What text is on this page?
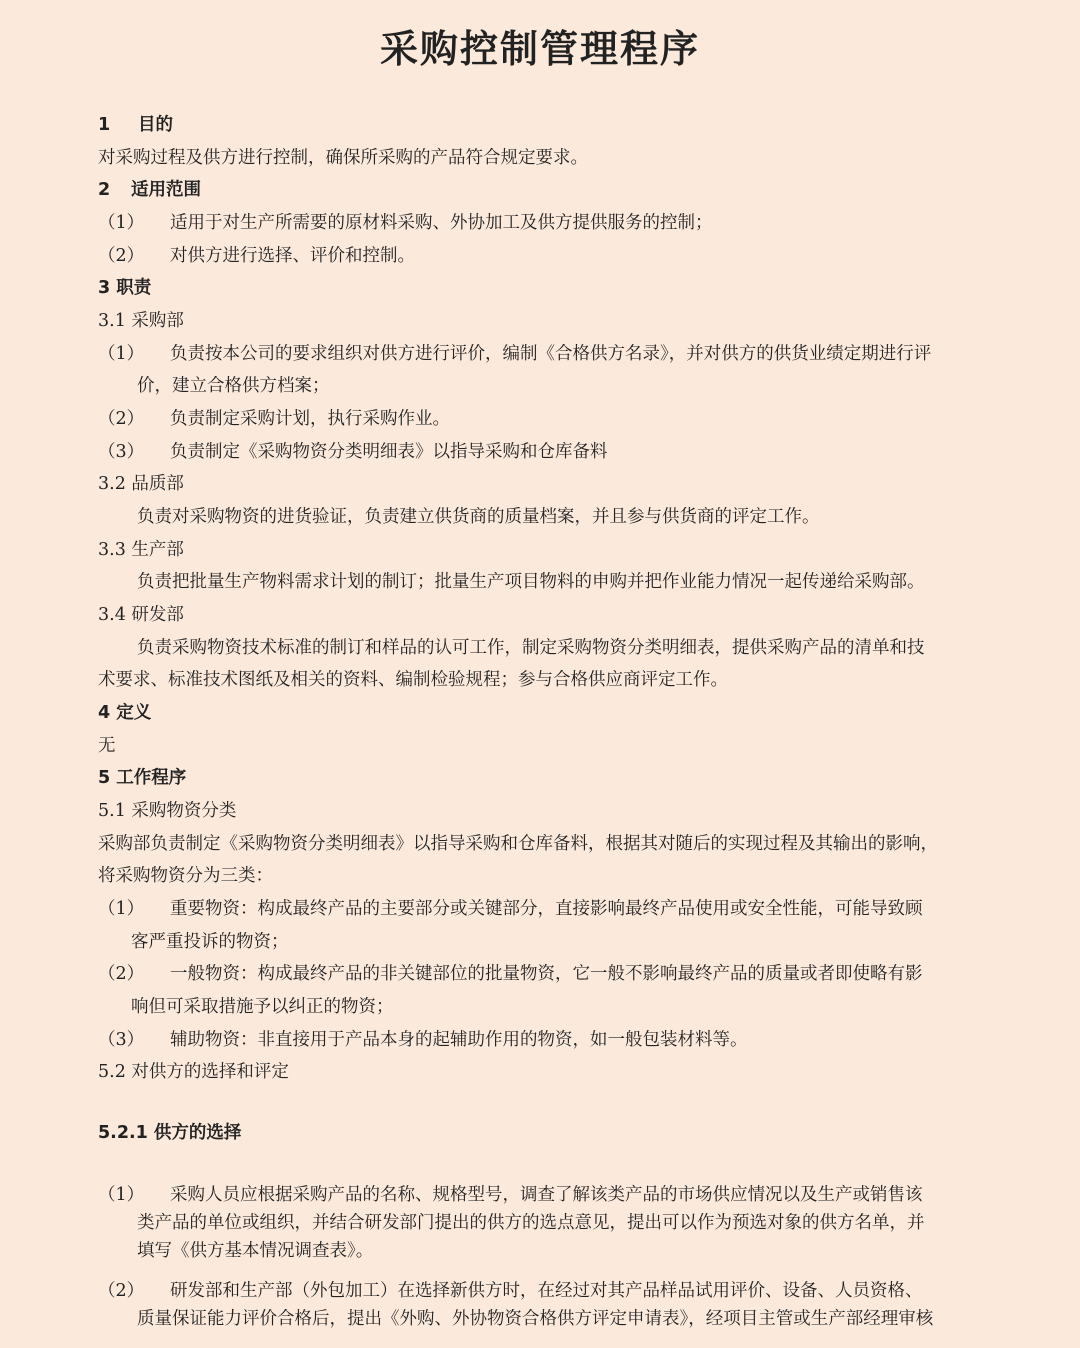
采购控制管理程序
1 目的
对采购过程及供方进行控制，确保所采购的产品符合规定要求。
2 适用范围
（1） 适用于对生产所需要的原材料采购、外协加工及供方提供服务的控制；
（2） 对供方进行选择、评价和控制。
3 职责
3.1 采购部
（1） 负责按本公司的要求组织对供方进行评价，编制《合格供方名录》，并对供方的供货业绩定期进行评
价，建立合格供方档案；
（2） 负责制定采购计划，执行采购作业。
（3） 负责制定《采购物资分类明细表》以指导采购和仓库备料
3.2 品质部
负责对采购物资的进货验证，负责建立供货商的质量档案，并且参与供货商的评定工作。
3.3 生产部
负责把批量生产物料需求计划的制订；批量生产项目物料的申购并把作业能力情况一起传递给采购部。
3.4 研发部
负责采购物资技术标准的制订和样品的认可工作，制定采购物资分类明细表，提供采购产品的清单和技
术要求、标准技术图纸及相关的资料、编制检验规程；参与合格供应商评定工作。
4 定义
无
5 工作程序
5.1 采购物资分类
采购部负责制定《采购物资分类明细表》以指导采购和仓库备料，根据其对随后的实现过程及其输出的影响，
将采购物资分为三类：
（1） 重要物资：构成最终产品的主要部分或关键部分，直接影响最终产品使用或安全性能，可能导致顾
客严重投诉的物资；
（2） 一般物资：构成最终产品的非关键部位的批量物资，它一般不影响最终产品的质量或者即使略有影
响但可采取措施予以纠正的物资；
（3） 辅助物资：非直接用于产品本身的起辅助作用的物资，如一般包装材料等。
5.2 对供方的选择和评定
5.2.1 供方的选择
（1） 采购人员应根据采购产品的名称、规格型号，调查了解该类产品的市场供应情况以及生产或销售该
类产品的单位或组织，并结合研发部门提出的供方的选点意见，提出可以作为预选对象的供方名单，并
填写《供方基本情况调查表》。
（2） 研发部和生产部（外包加工）在选择新供方时，在经过对其产品样品试用评价、设备、人员资格、
质量保证能力评价合格后，提出《外购、外协物资合格供方评定申请表》，经项目主管或生产部经理审核
